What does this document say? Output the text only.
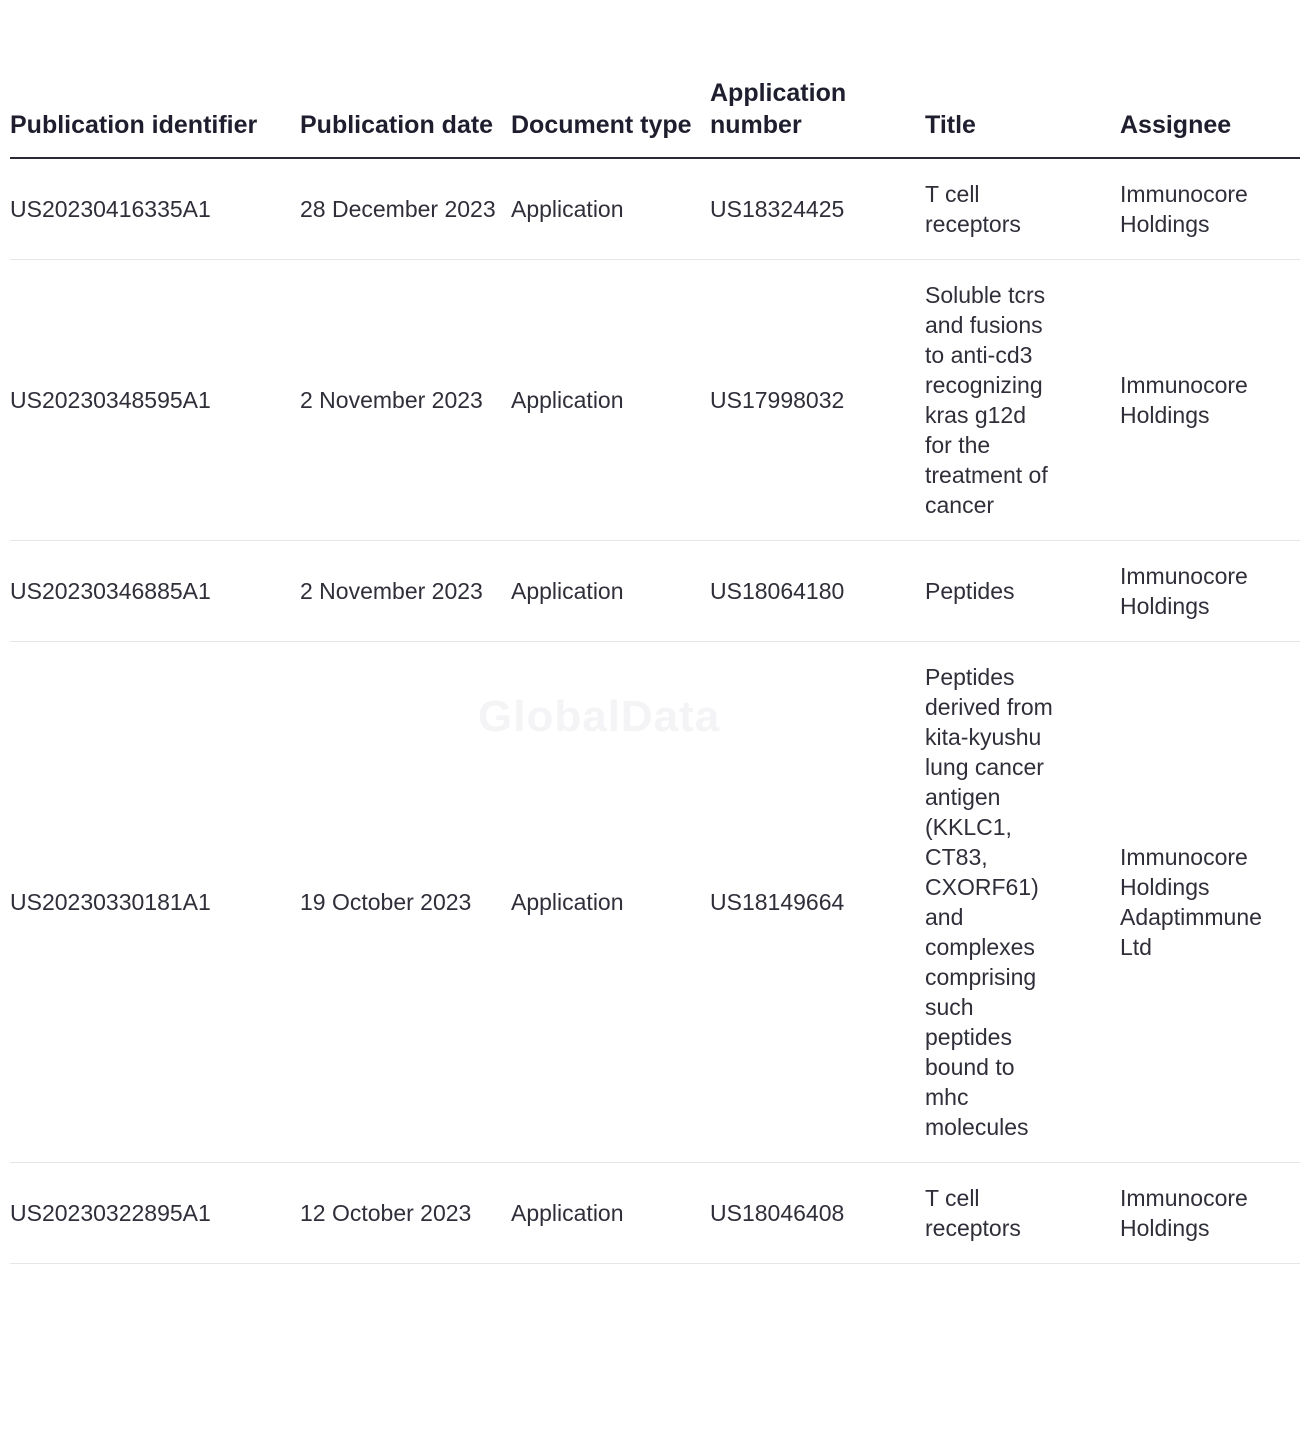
GlobalData
Publication identifier	Publication date	Document type	Application number	Title	Assignee
US20230416335A1	28 December 2023	Application	US18324425	T cell receptors	Immunocore Holdings
US20230348595A1	2 November 2023	Application	US17998032	Soluble tcrs and fusions to anti-cd3 recognizing kras g12d for the treatment of cancer	Immunocore Holdings
US20230346885A1	2 November 2023	Application	US18064180	Peptides	Immunocore Holdings
US20230330181A1	19 October 2023	Application	US18149664	Peptides derived from kita-kyushu lung cancer antigen (KKLC1, CT83, CXORF61) and complexes comprising such peptides bound to mhc molecules	Immunocore Holdings Adaptimmune Ltd
US20230322895A1	12 October 2023	Application	US18046408	T cell receptors	Immunocore Holdings
